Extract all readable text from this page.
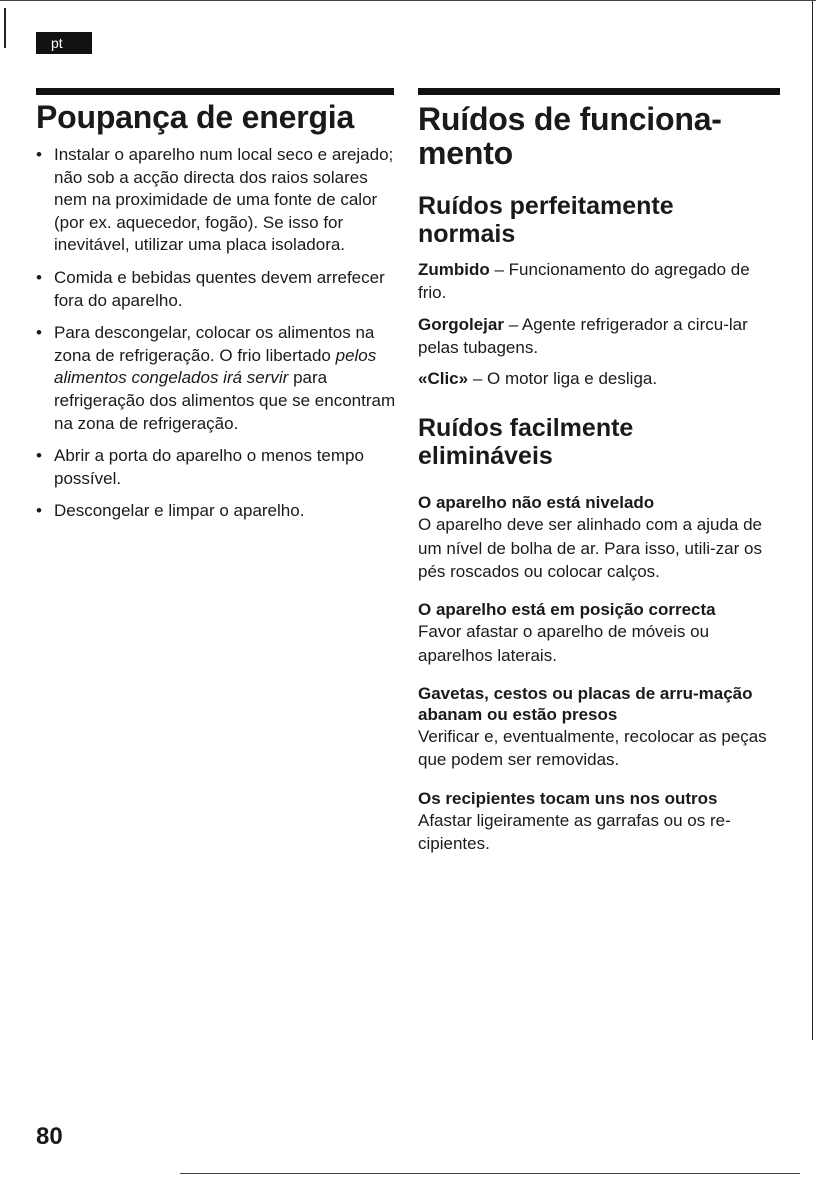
pt
Poupança de energia
• Instalar o aparelho num local seco e arejado; não sob a acção directa dos raios solares nem na proximidade de uma fonte de calor (por ex. aquecedor, fogão). Se isso for inevitável, utilizar uma placa isoladora.
• Comida e bebidas quentes devem arrefecer fora do aparelho.
• Para descongelar, colocar os alimentos na zona de refrigeração. O frio libertado pelos alimentos congelados irá servir para refrigeração dos alimentos que se encontram na zona de refrigeração.
• Abrir a porta do aparelho o menos tempo possível.
• Descongelar e limpar o aparelho.
Ruídos de funciona-mento
Ruídos perfeitamente normais

Zumbido – Funcionamento do agregado de frio.

Gorgolejar – Agente refrigerador a circu-lar pelas tubagens.

«Clic» – O motor liga e desliga.

Ruídos facilmente elimináveis
O aparelho não está nivelado

O aparelho deve ser alinhado com a ajuda de um nível de bolha de ar. Para isso, utili-zar os pés roscados ou colocar calços.

O aparelho está em posição correcta

Favor afastar o aparelho de móveis ou aparelhos laterais.

Gavetas, cestos ou placas de arru-mação abanam ou estão presos

Verificar e, eventualmente, recolocar as peças que podem ser removidas.

Os recipientes tocam uns nos outros

Afastar ligeiramente as garrafas ou os re-cipientes.

80
